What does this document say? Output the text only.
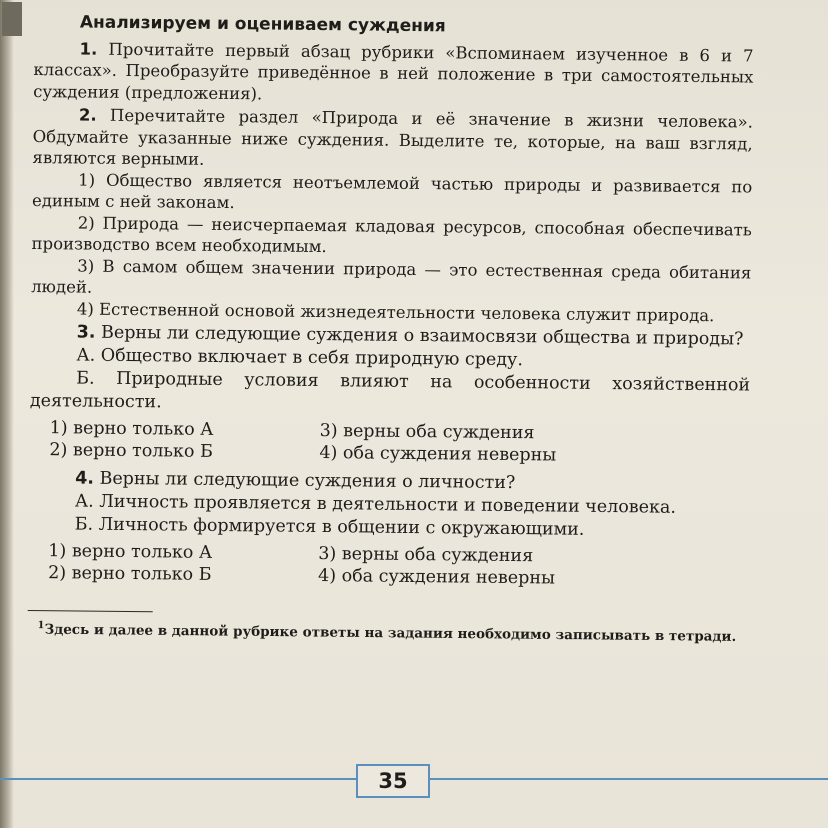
Анализируем и оцениваем суждения

1. Прочитайте первый абзац рубрики «Вспоминаем изученное в 6 и 7 классах». Преобразуйте приведённое в ней положение в три самостоятельных суждения (предложения).

2. Перечитайте раздел «Природа и её значение в жизни человека». Обдумайте указанные ниже суждения. Выделите те, которые, на ваш взгляд, являются верными.

1) Общество является неотъемлемой частью природы и развивается по единым с ней законам.

2) Природа — неисчерпаемая кладовая ресурсов, способная обеспечивать производство всем необходимым.

3) В самом общем значении природа — это естественная среда обитания людей.

4) Естественной основой жизнедеятельности человека служит природа.

3. Верны ли следующие суждения о взаимосвязи общества и природы?

А. Общество включает в себя природную среду.

Б. Природные условия влияют на особенности хозяйственной деятельности.

1) верно только А	3) верны оба суждения
2) верно только Б	4) оба суждения неверны

4. Верны ли следующие суждения о личности?

А. Личность проявляется в деятельности и поведении человека.

Б. Личность формируется в общении с окружающими.

1) верно только А	3) верны оба суждения
2) верно только Б	4) оба суждения неверны

$^1$Здесь и далее в данной рубрике ответы на задания необходимо записывать в тетради.

35
